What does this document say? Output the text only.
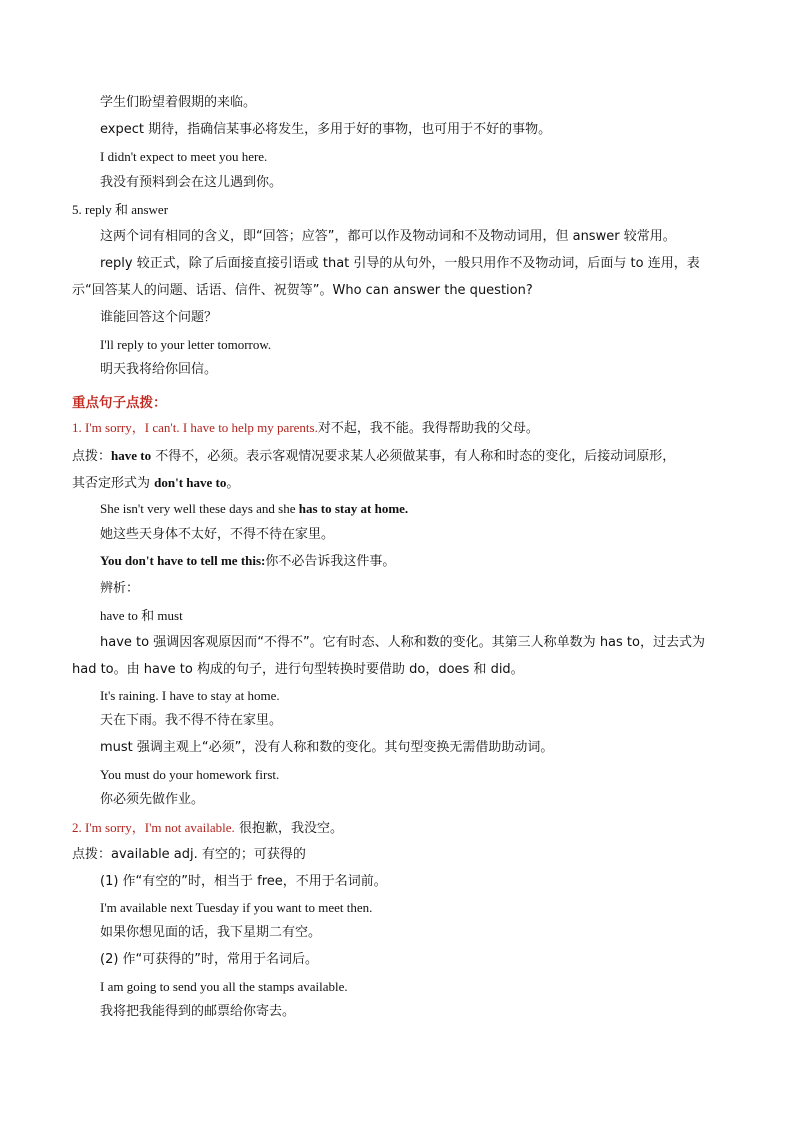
学生们盼望着假期的来临。
expect 期待，指确信某事必将发生，多用于好的事物，也可用于不好的事物。
I didn't expect to meet you here.
我没有预料到会在这儿遇到你。
5. reply 和 answer
这两个词有相同的含义，即“回答；应答”，都可以作及物动词和不及物动词用，但 answer 较常用。
reply 较正式，除了后面接直接引语或 that 引导的从句外，一般只用作不及物动词，后面与 to 连用，表
示“回答某人的问题、话语、信件、祝贺等”。Who can answer the question?
谁能回答这个问题？
I'll reply to your letter tomorrow.
明天我将给你回信。
重点句子点拨：
1. I'm sorry，I can't. I have to help my parents.对不起，我不能。我得帮助我的父母。
点拨：have to 不得不，必须。表示客观情况要求某人必须做某事，有人称和时态的变化，后接动词原形，
其否定形式为 don't have to。
She isn't very well these days and she has to stay at home.
她这些天身体不太好，不得不待在家里。
You don't have to tell me this:你不必告诉我这件事。
辨析：
have to 和 must
have to 强调因客观原因而“不得不”。它有时态、人称和数的变化。其第三人称单数为 has to，过去式为
had to。由 have to 构成的句子，进行句型转换时要借助 do，does 和 did。
It's raining. I have to stay at home.
天在下雨。我不得不待在家里。
must 强调主观上“必须”，没有人称和数的变化。其句型变换无需借助助动词。
You must do your homework first.
你必须先做作业。
2. I'm sorry，I'm not available. 很抱歉，我没空。
点拨：available adj. 有空的；可获得的
(1) 作“有空的”时，相当于 free，不用于名词前。
I'm available next Tuesday if you want to meet then.
如果你想见面的话，我下星期二有空。
(2) 作“可获得的”时，常用于名词后。
I am going to send you all the stamps available.
我将把我能得到的邮票给你寄去。
